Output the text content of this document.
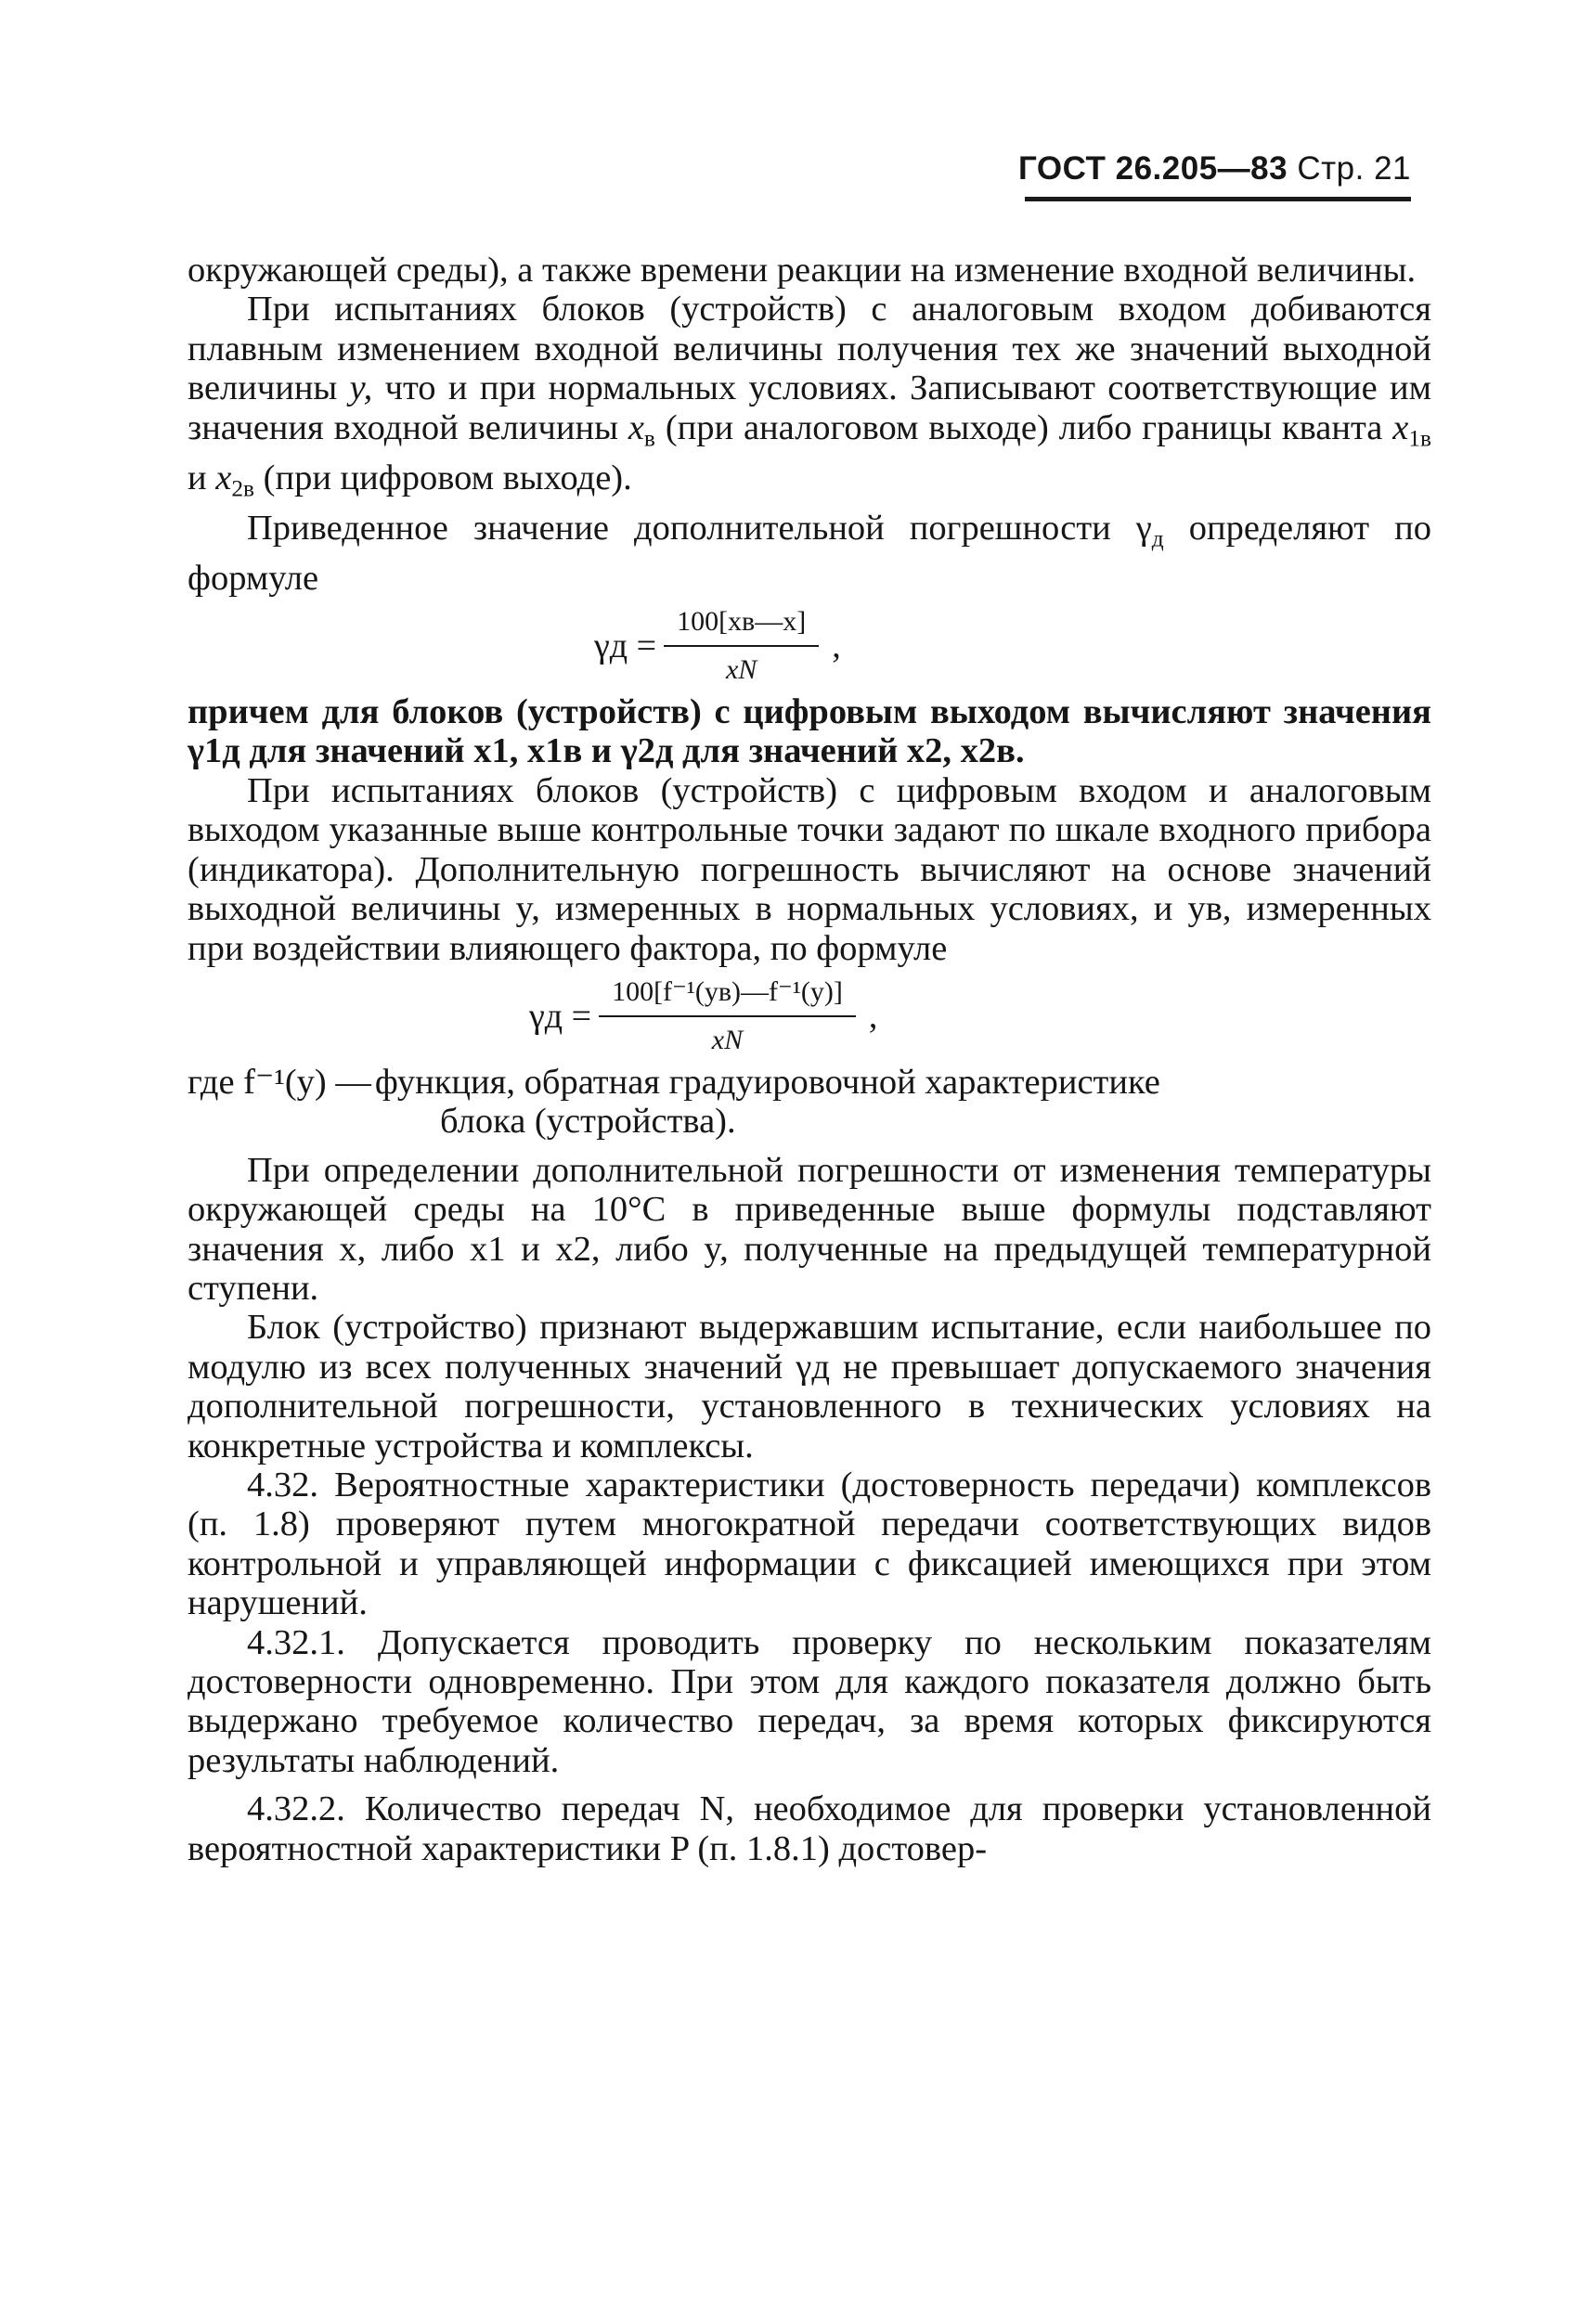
ГОСТ 26.205—83 Стр. 21

окружающей среды), а также времени реакции на изменение входной величины.

При испытаниях блоков (устройств) с аналоговым входом добиваются плавным изменением входной величины получения тех же значений выходной величины y, что и при нормальных условиях. Записывают соответствующие им значения входной величины $x_в$ (при аналоговом выходе) либо границы кванта $x_{1в}$ и $x_{2в}$ (при цифровом выходе).

Приведенное значение дополнительной погрешности $\gamma_д$ определяют по формуле

$\gamma д = \frac{100[xв—x]}{xN}$ ,

причем для блоков (устройств) с цифровым выходом вычисляют значения γ1д для значений x1, x1в и γ2д для значений x2, x2в.

При испытаниях блоков (устройств) с цифровым входом и аналоговым выходом указанные выше контрольные точки задают по шкале входного прибора (индикатора). Дополнительную погрешность вычисляют на основе значений выходной величины y, измеренных в нормальных условиях, и yв, измеренных при воздействии влияющего фактора, по формуле

$\gamma д = \frac{\text{100[f⁻¹(yв)—f⁻¹(y)]}}{xN}$ ,
где f⁻¹(y) — функция, обратная градуировочной характеристике

блока (устройства).

При определении дополнительной погрешности от изменения температуры окружающей среды на 10°С в приведенные выше формулы подставляют значения x, либо x1 и x2, либо y, полученные на предыдущей температурной ступени.

Блок (устройство) признают выдержавшим испытание, если наибольшее по модулю из всех полученных значений γд не превышает допускаемого значения дополнительной погрешности, установленного в технических условиях на конкретные устройства и комплексы.

4.32. Вероятностные характеристики (достоверность передачи) комплексов (п. 1.8) проверяют путем многократной передачи соответствующих видов контрольной и управляющей информации с фиксацией имеющихся при этом нарушений.

4.32.1. Допускается проводить проверку по нескольким показателям достоверности одновременно. При этом для каждого показателя должно быть выдержано требуемое количество передач, за время которых фиксируются результаты наблюдений.

4.32.2. Количество передач N, необходимое для проверки установленной вероятностной характеристики P (п. 1.8.1) достовер-
